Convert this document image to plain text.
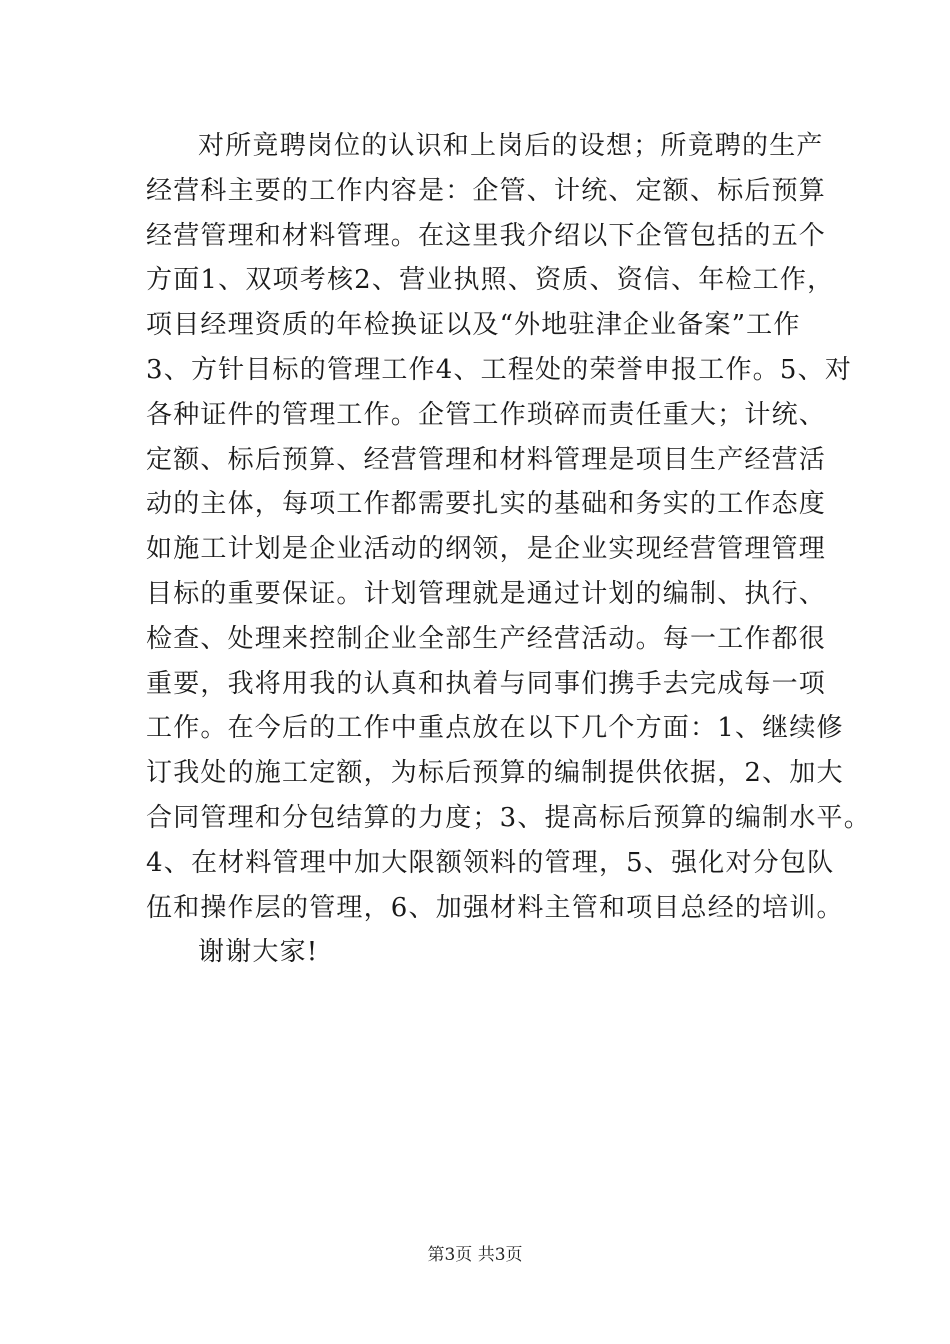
对所竟聘岗位的认识和上岗后的设想；所竟聘的生产
经营科主要的工作内容是：企管、计统、定额、标后预算
经营管理和材料管理。在这里我介绍以下企管包括的五个
方面1、双项考核2、营业执照、资质、资信、年检工作，
项目经理资质的年检换证以及“外地驻津企业备案”工作
3、方针目标的管理工作4、工程处的荣誉申报工作。5、对
各种证件的管理工作。企管工作琐碎而责任重大；计统、
定额、标后预算、经营管理和材料管理是项目生产经营活
动的主体，每项工作都需要扎实的基础和务实的工作态度
如施工计划是企业活动的纲领，是企业实现经营管理管理
目标的重要保证。计划管理就是通过计划的编制、执行、
检查、处理来控制企业全部生产经营活动。每一工作都很
重要，我将用我的认真和执着与同事们携手去完成每一项
工作。在今后的工作中重点放在以下几个方面：1、继续修
订我处的施工定额，为标后预算的编制提供依据，2、加大
合同管理和分包结算的力度；3、提高标后预算的编制水平。
4、在材料管理中加大限额领料的管理，5、强化对分包队
伍和操作层的管理，6、加强材料主管和项目总经的培训。
谢谢大家!
第3页 共3页
